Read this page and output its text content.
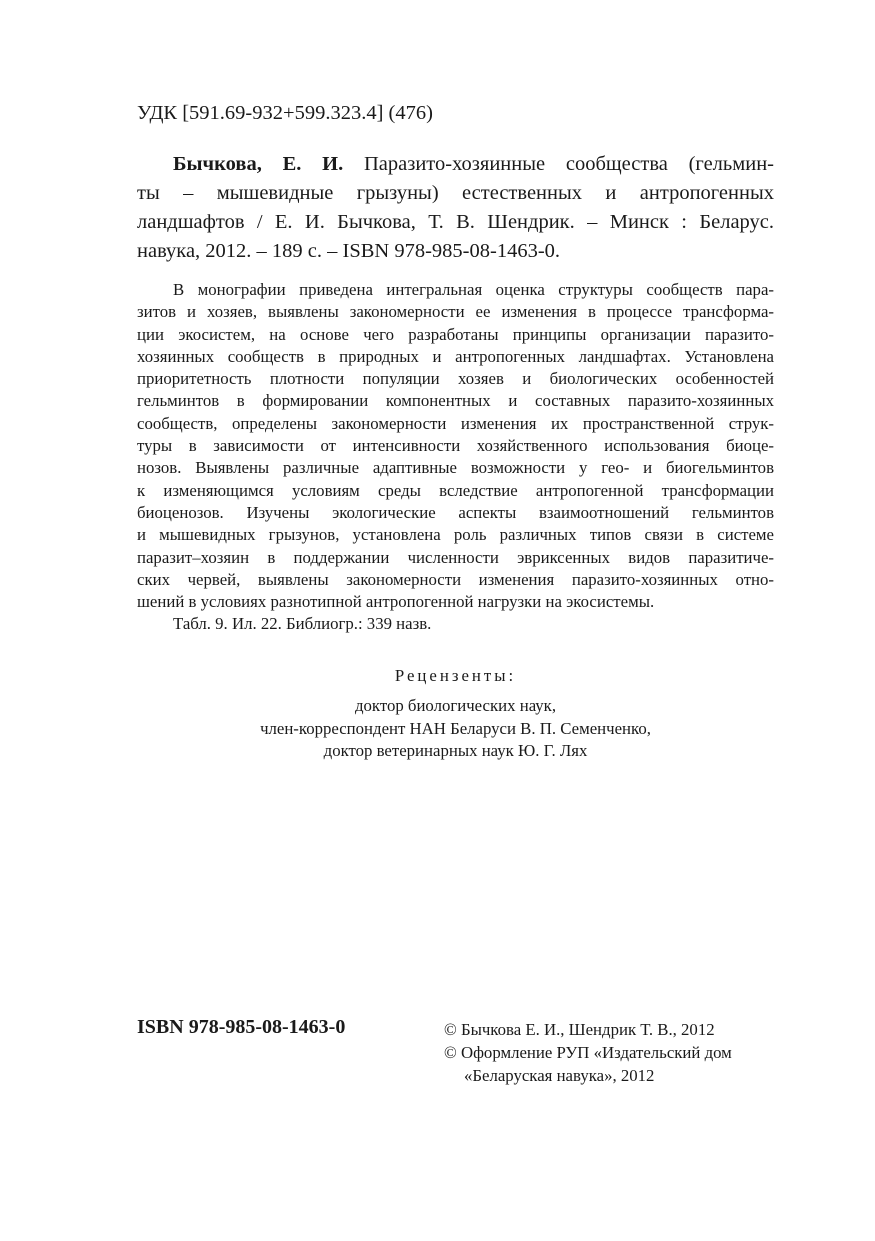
УДК [591.69-932+599.323.4] (476)
Бычкова, Е. И. Паразито-хозяинные сообщества (гельмин-
ты – мышевидные грызуны) естественных и антропогенных
ландшафтов / Е. И. Бычкова, Т. В. Шендрик. – Минск : Беларус.
навука, 2012. – 189 с. – ISBN 978-985-08-1463-0.
В монографии приведена интегральная оценка структуры сообществ пара-
зитов и хозяев, выявлены закономерности ее изменения в процессе трансформа-
ции экосистем, на основе чего разработаны принципы организации паразито-
хозяинных сообществ в природных и антропогенных ландшафтах. Установлена
приоритетность плотности популяции хозяев и биологических особенностей
гельминтов в формировании компонентных и составных паразито-хозяинных
сообществ, определены закономерности изменения их пространственной струк-
туры в зависимости от интенсивности хозяйственного использования биоце-
нозов. Выявлены различные адаптивные возможности у гео- и биогельминтов
к изменяющимся условиям среды вследствие антропогенной трансформации
биоценозов. Изучены экологические аспекты взаимоотношений гельминтов
и мышевидных грызунов, установлена роль различных типов связи в системе
паразит–хозяин в поддержании численности эвриксенных видов паразитиче-
ских червей, выявлены закономерности изменения паразито-хозяинных отно-
шений в условиях разнотипной антропогенной нагрузки на экосистемы.
Табл. 9. Ил. 22. Библиогр.: 339 назв.
Рецензенты:
доктор биологических наук,
член-корреспондент НАН Беларуси В. П. Семенченко,
доктор ветеринарных наук Ю. Г. Лях
ISBN 978-985-08-1463-0	© Бычкова Е. И., Шендрик Т. В., 2012
© Оформление РУП «Издательский дом
«Беларуская навука», 2012
